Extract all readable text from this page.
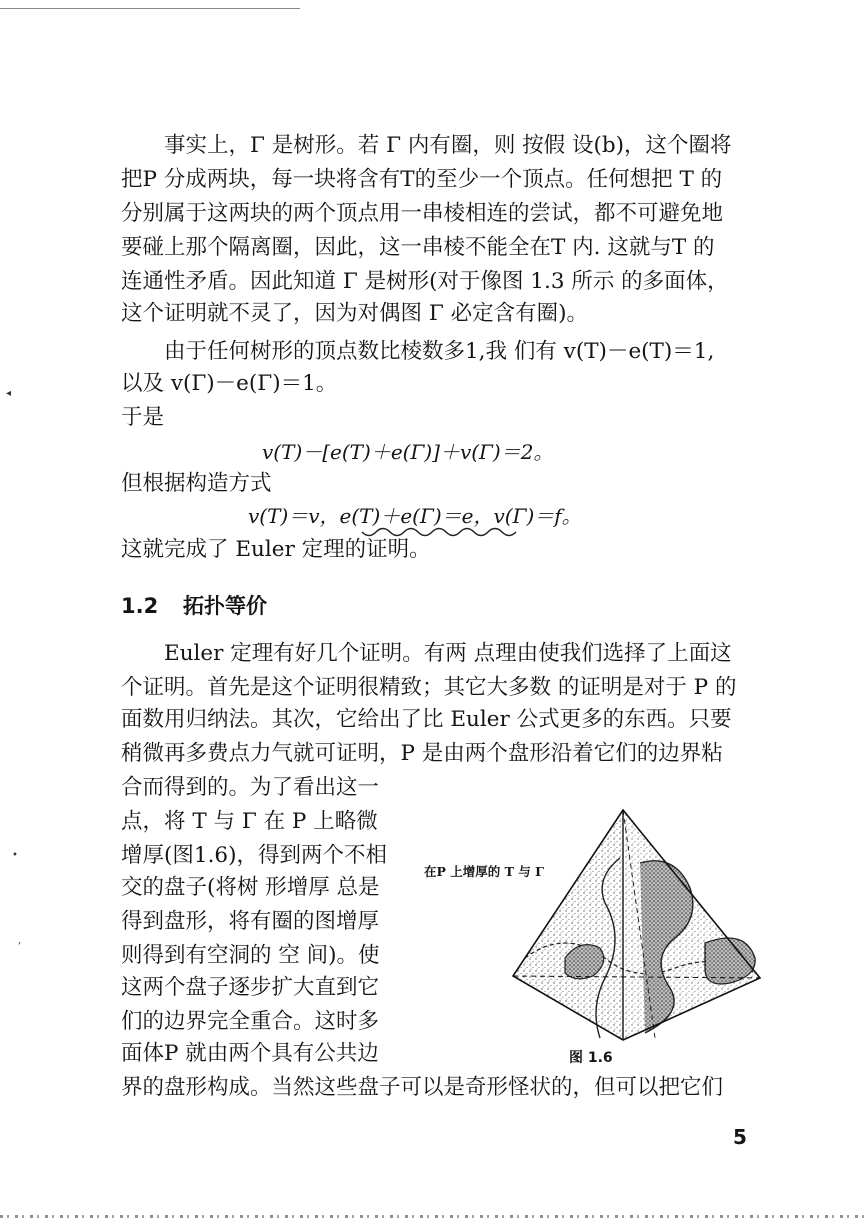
◂
•
,
事实上，Γ 是树形。若 Γ 内有圈，则 按假 设(b)，这个圈将
把P 分成两块，每一块将含有T的至少一个顶点。任何想把 T 的
分别属于这两块的两个顶点用一串棱相连的尝试，都不可避免地
要碰上那个隔离圈，因此，这一串棱不能全在T 内. 这就与T 的
连通性矛盾。因此知道 Γ 是树形(对于像图 1.3 所示 的多面体，
这个证明就不灵了，因为对偶图 Γ 必定含有圈)。
由于任何树形的顶点数比棱数多1,我 们有 v(T)－e(T)＝1,
以及 v(Γ)－e(Γ)＝1。
于是
v(T)－[e(T)＋e(Γ)]＋v(Γ)＝2。
但根据构造方式
v(T)＝v，e(T)＋e(Γ)＝e，v(Γ)＝f。
这就完成了 Euler 定理的证明。
1.2 拓扑等价
Euler 定理有好几个证明。有两 点理由使我们选择了上面这
个证明。首先是这个证明很精致；其它大多数 的证明是对于 P 的
面数用归纳法。其次，它给出了比 Euler 公式更多的东西。只要
稍微再多费点力气就可证明，P 是由两个盘形沿着它们的边界粘
合而得到的。为了看出这一
点，将 T 与 Γ 在 P 上略微
增厚(图1.6)，得到两个不相
交的盘子(将树 形增厚 总是
得到盘形，将有圈的图增厚
则得到有空洞的 空 间)。使
这两个盘子逐步扩大直到它
们的边界完全重合。这时多
面体P 就由两个具有公共边
在P 上增厚的 T 与 Γ
图 1.6
界的盘形构成。当然这些盘子可以是奇形怪状的，但可以把它们
5
